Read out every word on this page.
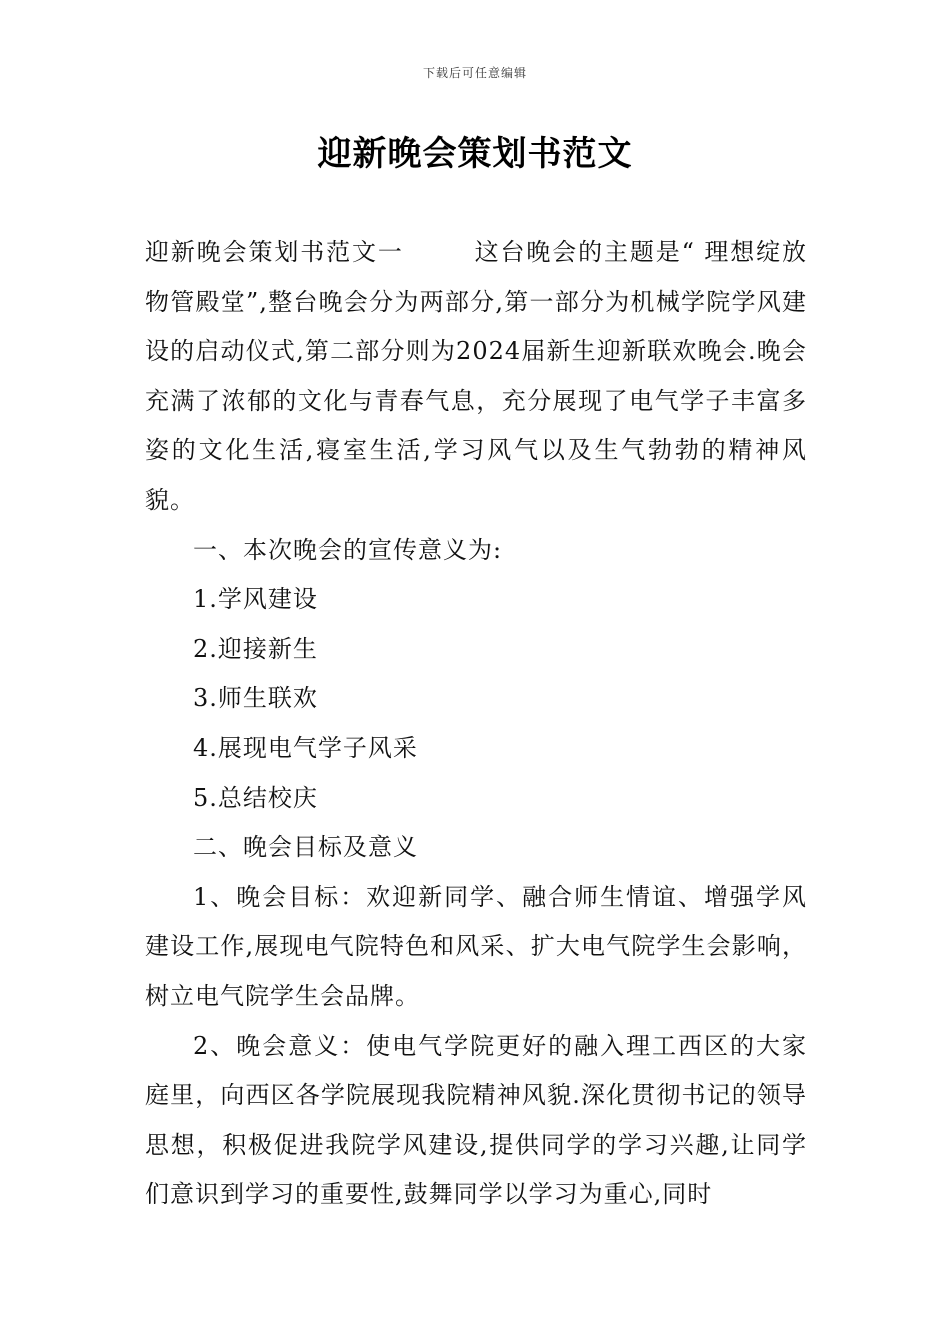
下载后可任意编辑
迎新晚会策划书范文

迎新晚会策划书范文一	这台晚会的主题是“ 理想绽放物管殿堂”,整台晚会分为两部分,第一部分为机械学院学风建设的启动仪式,第二部分则为2024届新生迎新联欢晚会.晚会充满了浓郁的文化与青春气息，充分展现了电气学子丰富多姿的文化生活,寝室生活,学习风气以及生气勃勃的精神风貌。

一、本次晚会的宣传意义为:

1.学风建设

2.迎接新生

3.师生联欢

4.展现电气学子风采

5.总结校庆

二、晚会目标及意义

1、晚会目标：欢迎新同学、融合师生情谊、增强学风建设工作,展现电气院特色和风采、扩大电气院学生会影响，树立电气院学生会品牌。

2、晚会意义：使电气学院更好的融入理工西区的大家庭里，向西区各学院展现我院精神风貌.深化贯彻书记的领导思想，积极促进我院学风建设,提供同学的学习兴趣,让同学们意识到学习的重要性,鼓舞同学以学习为重心,同时
